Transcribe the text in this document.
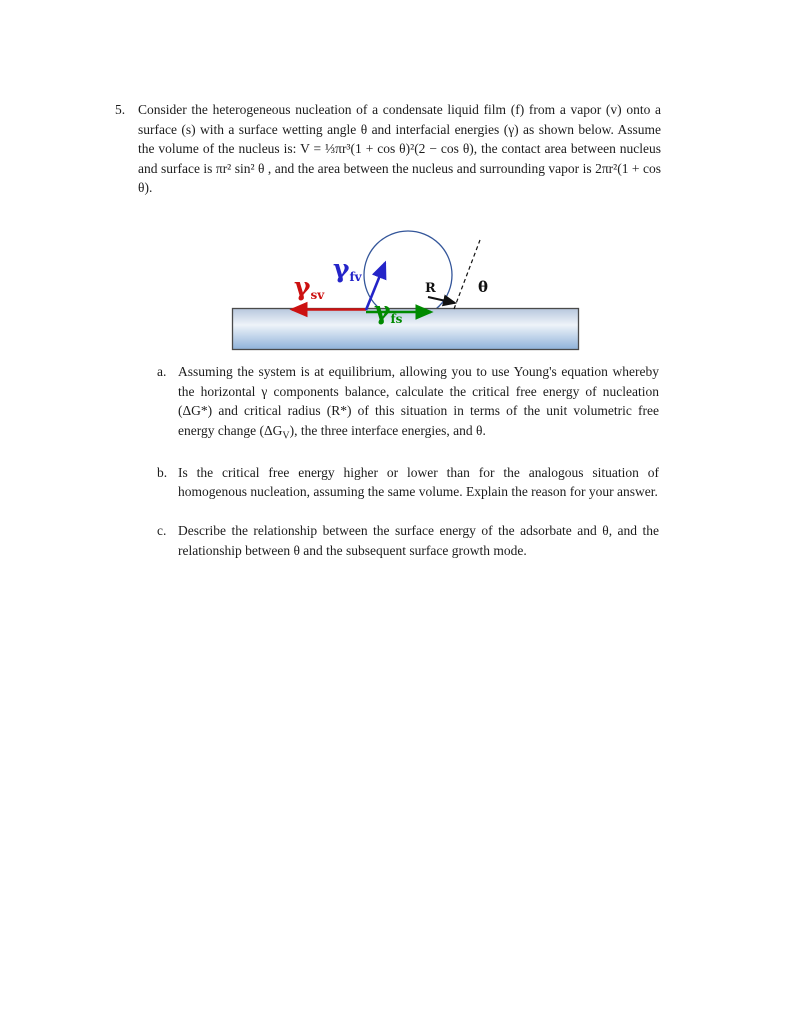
5. Consider the heterogeneous nucleation of a condensate liquid film (f) from a vapor (v) onto a surface (s) with a surface wetting angle θ and interfacial energies (γ) as shown below. Assume the volume of the nucleus is: V = ⅓πr³(1 + cos θ)²(2 − cos θ), the contact area between nucleus and surface is πr² sin² θ , and the area between the nucleus and surrounding vapor is 2πr²(1 + cos θ).
$\gamma_{sv}$
$\gamma_{fv}$
$\gamma_{fs}$
R	θ
a. Assuming the system is at equilibrium, allowing you to use Young's equation whereby the horizontal γ components balance, calculate the critical free energy of nucleation (ΔG*) and critical radius (R*) of this situation in terms of the unit volumetric free energy change $(\Delta G_V)$, the three interface energies, and θ.
b. Is the critical free energy higher or lower than for the analogous situation of homogenous nucleation, assuming the same volume. Explain the reason for your answer.
c. Describe the relationship between the surface energy of the adsorbate and θ, and the relationship between θ and the subsequent surface growth mode.
